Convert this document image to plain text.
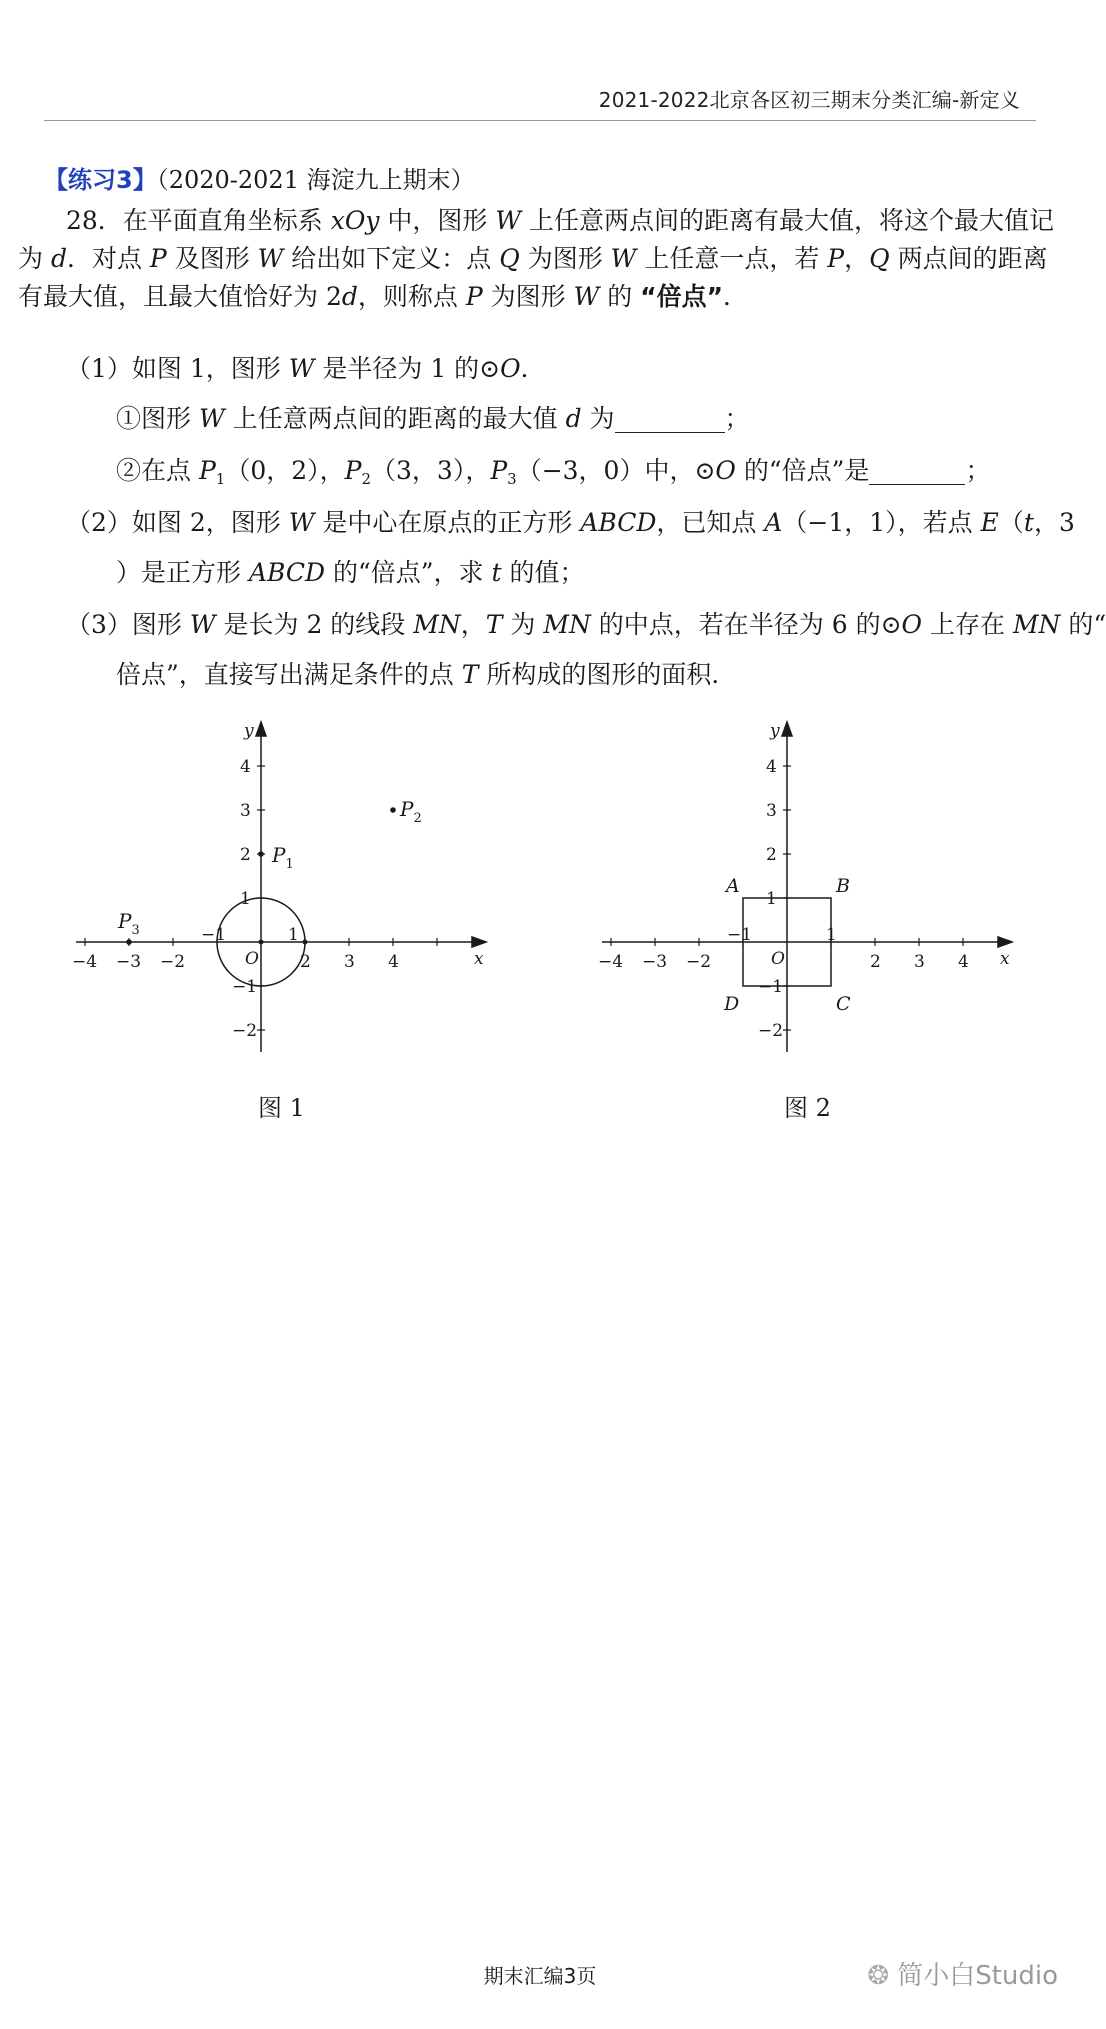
2021-2022北京各区初三期末分类汇编-新定义
【练习3】（2020-2021 海淀九上期末）
28．在平面直角坐标系 xOy 中，图形 W 上任意两点间的距离有最大值，将这个最大值记为 d．对点 P 及图形 W 给出如下定义：点 Q 为图形 W 上任意一点，若 P，Q 两点间的距离有最大值，且最大值恰好为 2d，则称点 P 为图形 W 的 “倍点”．
（1）如图 1，图形 W 是半径为 1 的⊙O．
①图形 W 上任意两点间的距离的最大值 d 为	；
②在点 $P_1(0$，2），$P_2(3$，3），$P_3(-3$，0）中，⊙O 的“倍点”是	；
（2）如图 2，图形 W 是中心在原点的正方形 ABCD，已知点 A（−1，1），若点 E（t，3
）是正方形 ABCD 的“倍点”，求 t 的值；
（3）图形 W 是长为 2 的线段 MN，T 为 MN 的中点，若在半径为 6 的⊙O 上存在 MN 的“
倍点”，直接写出满足条件的点 T 所构成的图形的面积．
−4 −3 −2
−1
2 3 4
1
4
3
2
1
−1
−2
O	x
y
$P_1$
$P_2$
$P_3$
图 1
−4 −3 −2
−1	1
2 3 4
4
3
2
1
−1
−2
O	x
y
A	B
C
D
图 2
期末汇编3页	❂ 简小白Studio
